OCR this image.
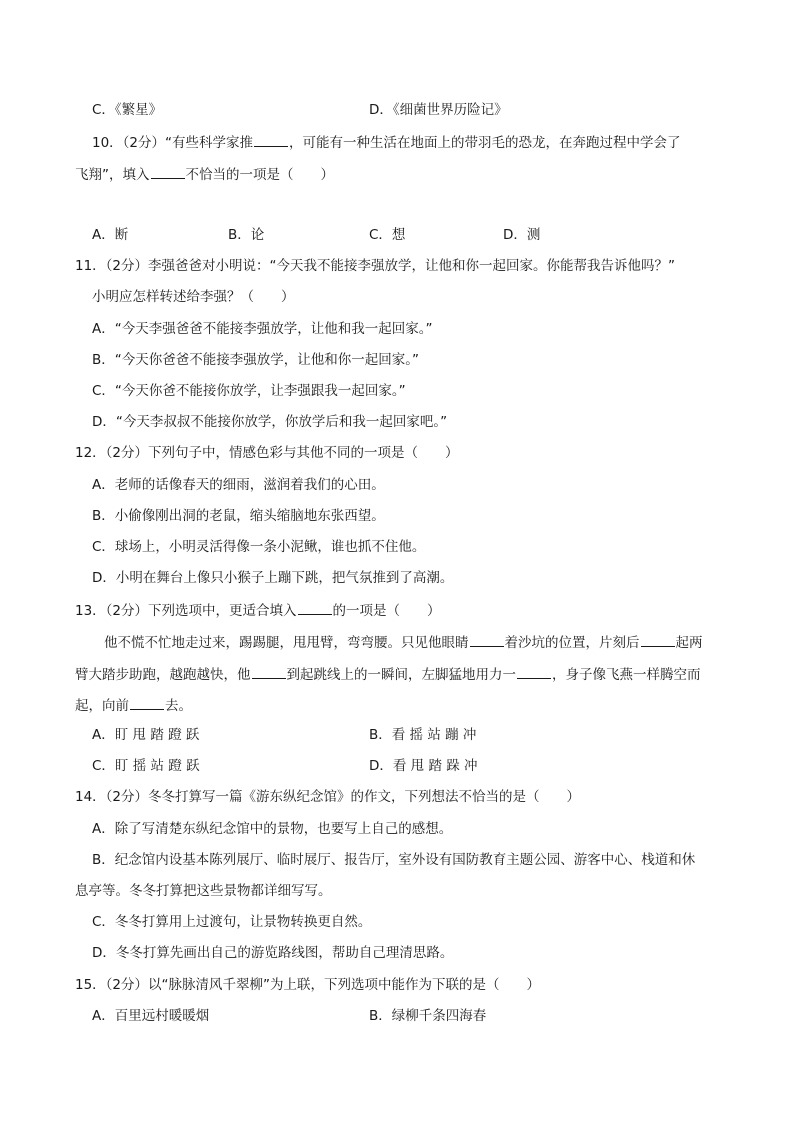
C．《繁星》	D．《细菌世界历险记》
10．（2分）“有些科学家推	，可能有一种生活在地面上的带羽毛的恐龙，在奔跑过程中学会了
飞翔”，填入	不恰当的一项是（　　）
A．断	B．论	C．想	D．测
11．（2分）李强爸爸对小明说：“今天我不能接李强放学，让他和你一起回家。你能帮我告诉他吗？”
小明应怎样转述给李强？（　　）
A．“今天李强爸爸不能接李强放学，让他和我一起回家。”
B．“今天你爸爸不能接李强放学，让他和你一起回家。”
C．“今天你爸不能接你放学，让李强跟我一起回家。”
D．“今天李叔叔不能接你放学，你放学后和我一起回家吧。”
12．（2分）下列句子中，情感色彩与其他不同的一项是（　　）
A．老师的话像春天的细雨，滋润着我们的心田。
B．小偷像刚出洞的老鼠，缩头缩脑地东张西望。
C．球场上，小明灵活得像一条小泥鳅，谁也抓不住他。
D．小明在舞台上像只小猴子上蹦下跳，把气氛推到了高潮。
13．（2分）下列选项中，更适合填入	的一项是（　　）
他不慌不忙地走过来，踢踢腿，甩甩臂，弯弯腰。只见他眼睛	着沙坑的位置，片刻后	起两
臂大踏步助跑，越跑越快，他	到起跳线上的一瞬间，左脚猛地用力一	，身子像飞燕一样腾空而
起，向前	去。
A．盯 甩 踏 蹬 跃	B．看 摇 站 蹦 冲
C．盯 摇 站 蹬 跃	D．看 甩 踏 跺 冲
14．（2分）冬冬打算写一篇《游东纵纪念馆》的作文，下列想法不恰当的是（　　）
A．除了写清楚东纵纪念馆中的景物，也要写上自己的感想。
B．纪念馆内设基本陈列展厅、临时展厅、报告厅，室外设有国防教育主题公园、游客中心、栈道和休
息亭等。冬冬打算把这些景物都详细写写。
C．冬冬打算用上过渡句，让景物转换更自然。
D．冬冬打算先画出自己的游览路线图，帮助自己理清思路。
15．（2分）以“脉脉清风千翠柳”为上联，下列选项中能作为下联的是（　　）
A．百里远村暖暖烟	B．绿柳千条四海春
